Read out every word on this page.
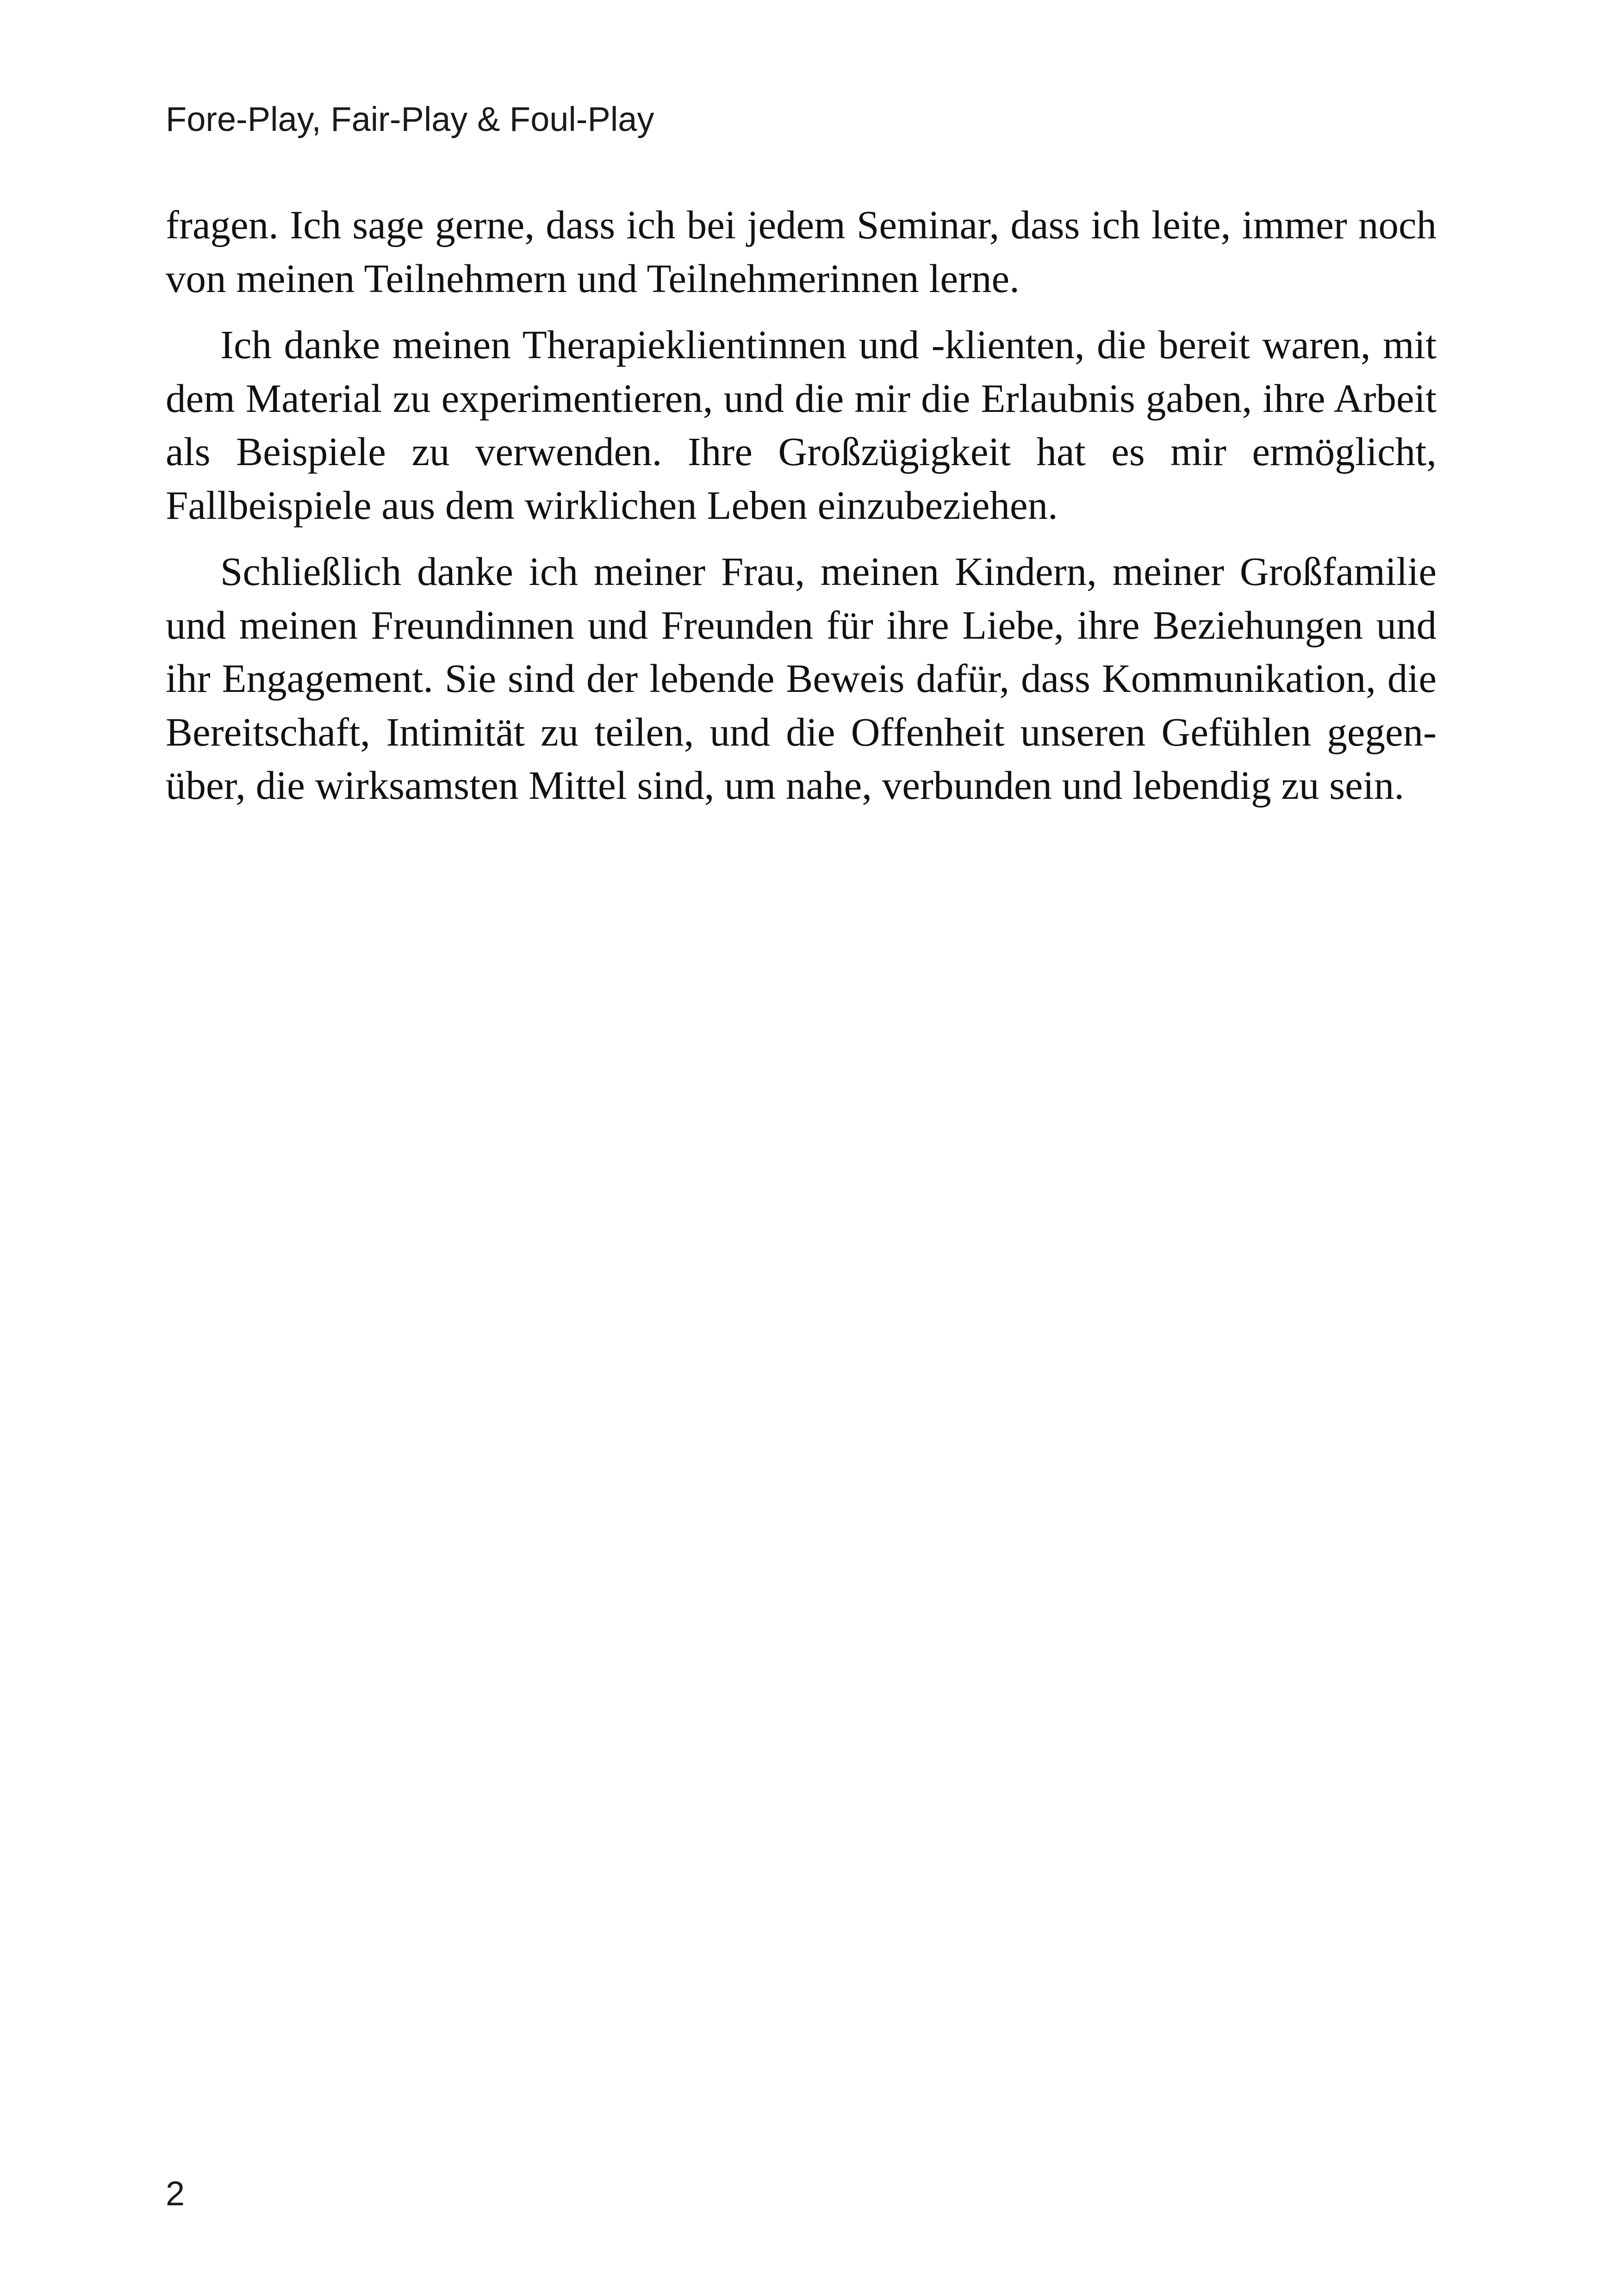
Fore-Play, Fair-Play & Foul-Play

fragen. Ich sage gerne, dass ich bei jedem Seminar, dass ich leite, immer noch von meinen Teilnehmern und Teilnehmerinnen lerne.

Ich danke meinen Therapieklientinnen und -klienten, die bereit waren, mit dem Material zu experimentieren, und die mir die Erlaubnis gaben, ihre Arbeit als Beispiele zu verwenden. Ihre Großzügigkeit hat es mir ermöglicht, Fallbeispiele aus dem wirklichen Leben einzubeziehen.

Schließlich danke ich meiner Frau, meinen Kindern, meiner Großfamilie und meinen Freundinnen und Freunden für ihre Liebe, ihre Beziehungen und ihr Engagement. Sie sind der lebende Beweis dafür, dass Kommunikation, die Bereitschaft, Intimität zu teilen, und die Offenheit unseren Gefühlen gegenüber, die wirksamsten Mittel sind, um nahe, verbunden und lebendig zu sein.

2
